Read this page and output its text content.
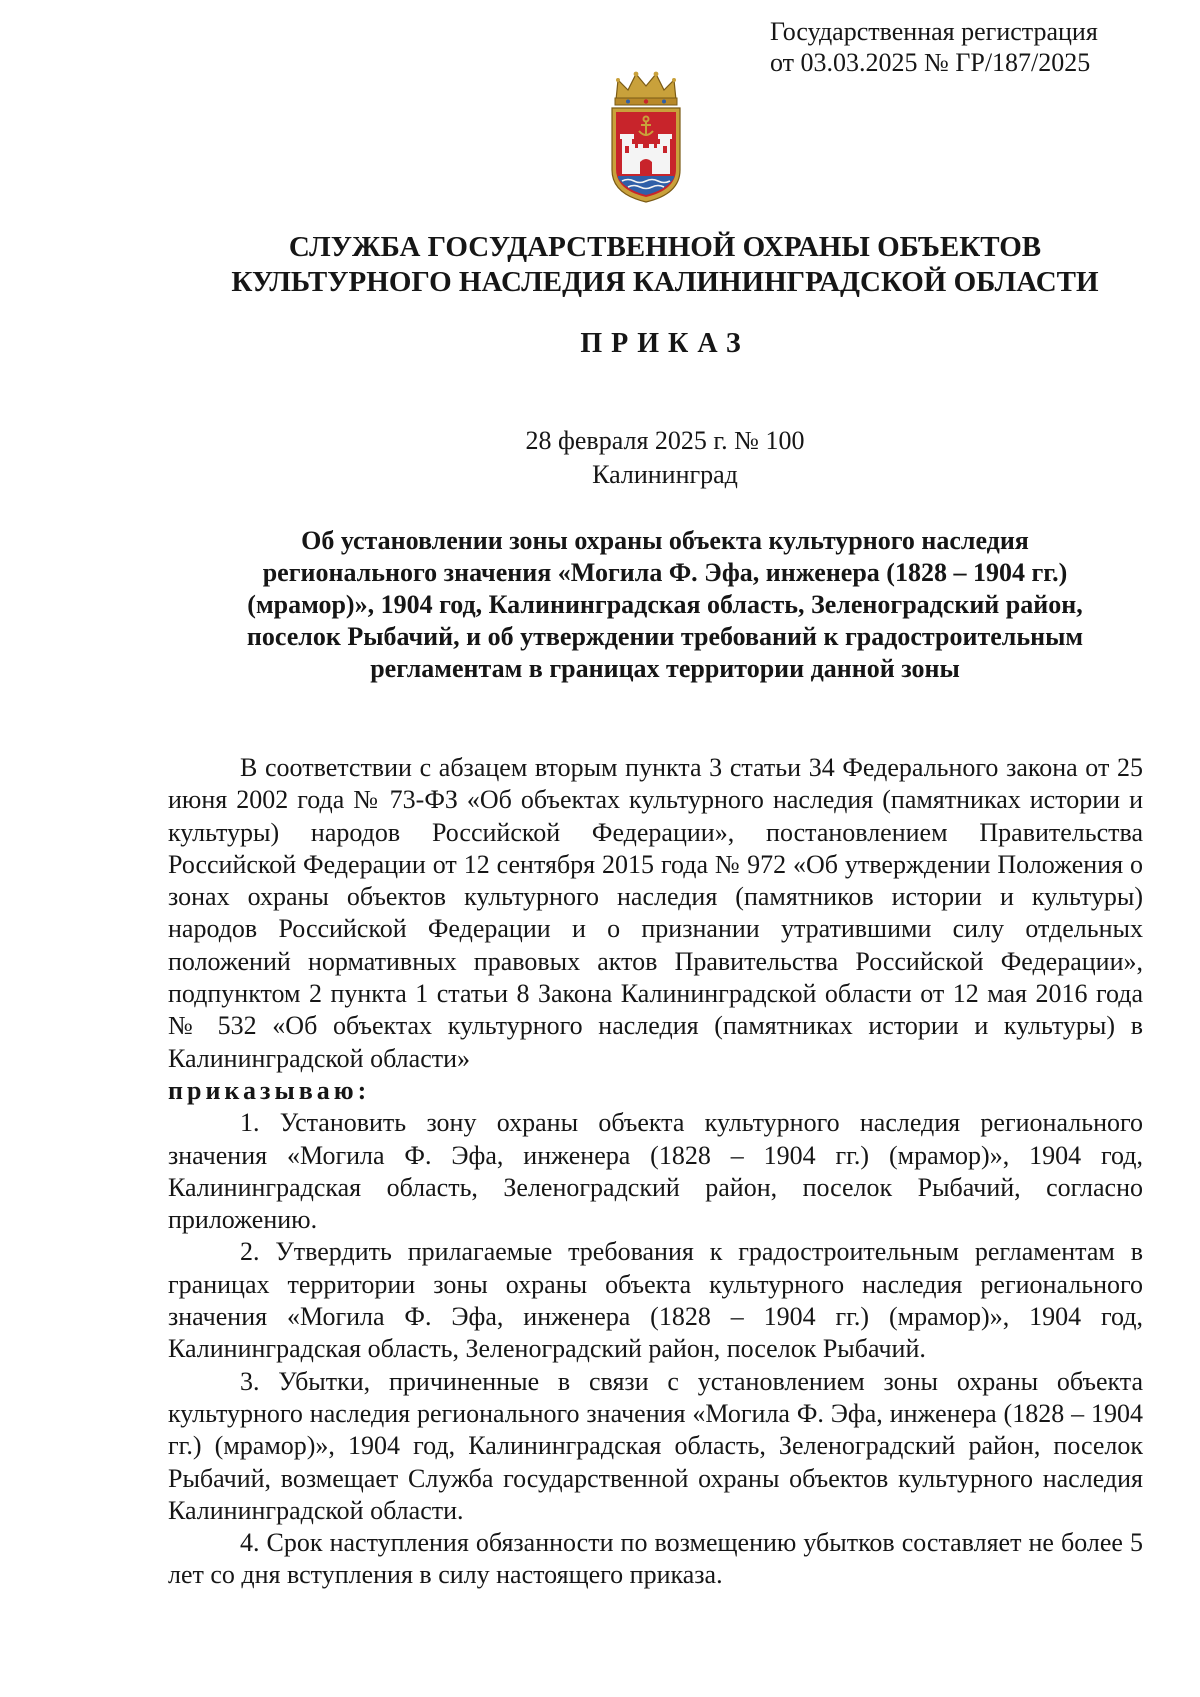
Государственная регистрация
от 03.03.2025 № ГР/187/2025
СЛУЖБА ГОСУДАРСТВЕННОЙ ОХРАНЫ ОБЪЕКТОВ
КУЛЬТУРНОГО НАСЛЕДИЯ КАЛИНИНГРАДСКОЙ ОБЛАСТИ
ПРИКАЗ
28 февраля 2025 г. № 100
Калининград
Об установлении зоны охраны объекта культурного наследия
регионального значения «Могила Ф. Эфа, инженера (1828 – 1904 гг.)
(мрамор)», 1904 год, Калининградская область, Зеленоградский район,
поселок Рыбачий, и об утверждении требований к градостроительным
регламентам в границах территории данной зоны

В соответствии с абзацем вторым пункта 3 статьи 34 Федерального закона от 25 июня 2002 года № 73-ФЗ «Об объектах культурного наследия (памятниках истории и культуры) народов Российской Федерации», постановлением Правительства Российской Федерации от 12 сентября 2015 года № 972 «Об утверждении Положения о зонах охраны объектов культурного наследия (памятников истории и культуры) народов Российской Федерации и о признании утратившими силу отдельных положений нормативных правовых актов Правительства Российской Федерации», подпунктом 2 пункта 1 статьи 8 Закона Калининградской области от 12 мая 2016 года № 532 «Об объектах культурного наследия (памятниках истории и культуры) в Калининградской области»
приказываю:

1. Установить зону охраны объекта культурного наследия регионального значения «Могила Ф. Эфа, инженера (1828 – 1904 гг.) (мрамор)», 1904 год, Калининградская область, Зеленоградский район, поселок Рыбачий, согласно приложению.

2. Утвердить прилагаемые требования к градостроительным регламентам в границах территории зоны охраны объекта культурного наследия регионального значения «Могила Ф. Эфа, инженера (1828 – 1904 гг.) (мрамор)», 1904 год, Калининградская область, Зеленоградский район, поселок Рыбачий.

3. Убытки, причиненные в связи с установлением зоны охраны объекта культурного наследия регионального значения «Могила Ф. Эфа, инженера (1828 – 1904 гг.) (мрамор)», 1904 год, Калининградская область, Зеленоградский район, поселок Рыбачий, возмещает Служба государственной охраны объектов культурного наследия Калининградской области.

4. Срок наступления обязанности по возмещению убытков составляет не более 5 лет со дня вступления в силу настоящего приказа.
